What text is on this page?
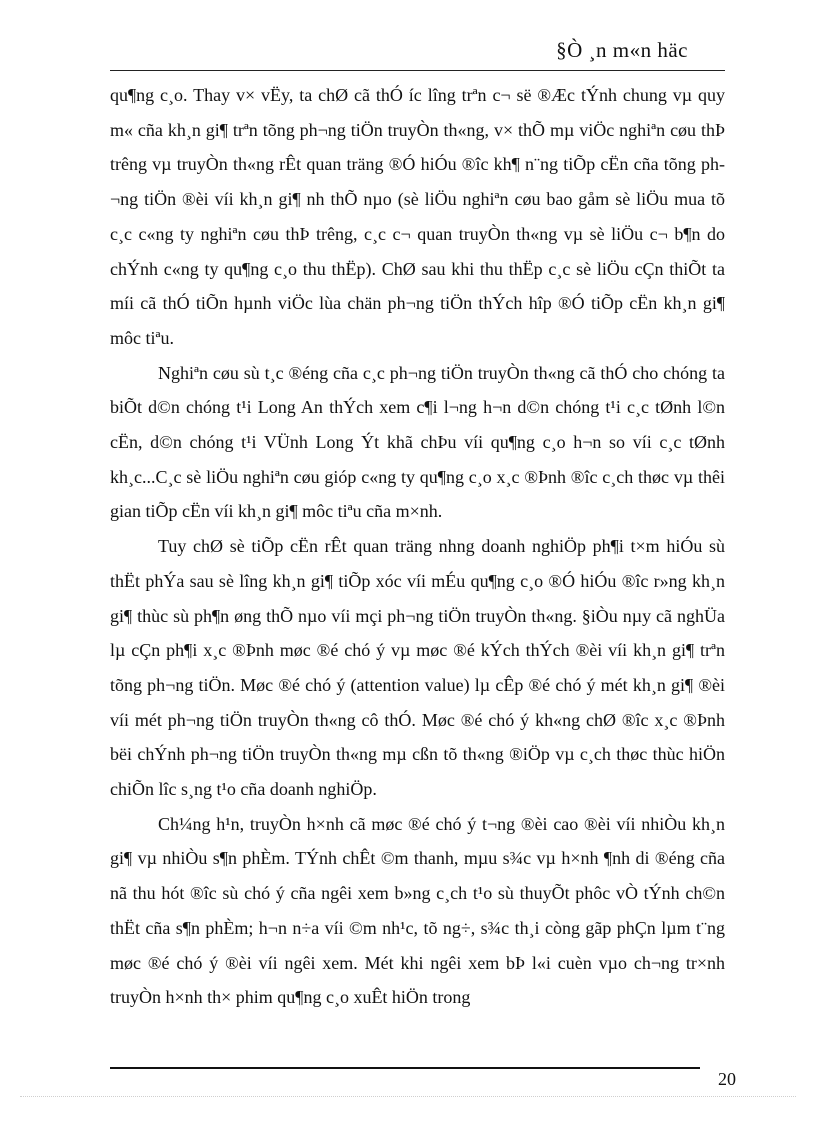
§Ò ¸n m«n häc

qu¶ng c¸o. Thay v× vËy, ta chØ cã thÓ íc lîng trªn c¬ së ®Æc tÝnh chung vµ quy m« cña kh¸n gi¶ trªn tõng ph¬ng tiÖn truyÒn th«ng, v× thÕ mµ viÖc nghiªn cøu thÞ trêng vµ truyÒn th«ng rÊt quan träng ®Ó hiÓu ®îc kh¶ n¨ng tiÕp cËn cña tõng ph¬ng tiÖn ®èi víi kh¸n gi¶ nh thÕ nµo (sè liÖu nghiªn cøu bao gåm sè liÖu mua tõ c¸c c«ng ty nghiªn cøu thÞ trêng, c¸c c¬ quan truyÒn th«ng vµ sè liÖu c¬ b¶n do chÝnh c«ng ty qu¶ng c¸o thu thËp). ChØ sau khi thu thËp c¸c sè liÖu cÇn thiÕt ta míi cã thÓ tiÕn hµnh viÖc lùa chän ph¬ng tiÖn thÝch hîp ®Ó tiÕp cËn kh¸n gi¶ môc tiªu.

Nghiªn cøu sù t¸c ®éng cña c¸c ph¬ng tiÖn truyÒn th«ng cã thÓ cho chóng ta biÕt d©n chóng t¹i Long An thÝch xem c¶i l¬ng h¬n d©n chóng t¹i c¸c tØnh l©n cËn, d©n chóng t¹i VÜnh Long Ýt khã chÞu víi qu¶ng c¸o h¬n so víi c¸c tØnh kh¸c...C¸c sè liÖu nghiªn cøu gióp c«ng ty qu¶ng c¸o x¸c ®Þnh ®îc c¸ch thøc vµ thêi gian tiÕp cËn víi kh¸n gi¶ môc tiªu cña m×nh.

Tuy chØ sè tiÕp cËn rÊt quan träng nhng doanh nghiÖp ph¶i t×m hiÓu sù thËt phÝa sau sè lîng kh¸n gi¶ tiÕp xóc víi mÉu qu¶ng c¸o ®Ó hiÓu ®îc r»ng kh¸n gi¶ thùc sù ph¶n øng thÕ nµo víi mçi ph¬ng tiÖn truyÒn th«ng. §iÒu nµy cã nghÜa lµ cÇn ph¶i x¸c ®Þnh møc ®é chó ý vµ møc ®é kÝch thÝch ®èi víi kh¸n gi¶ trªn tõng ph¬ng tiÖn. Møc ®é chó ý (attention value) lµ cÊp ®é chó ý mét kh¸n gi¶ ®èi víi mét ph¬ng tiÖn truyÒn th«ng cô thÓ. Møc ®é chó ý kh«ng chØ ®îc x¸c ®Þnh bëi chÝnh ph¬ng tiÖn truyÒn th«ng mµ cßn tõ th«ng ®iÖp vµ c¸ch thøc thùc hiÖn chiÕn lîc s¸ng t¹o cña doanh nghiÖp.

Ch¼ng h¹n, truyÒn h×nh cã møc ®é chó ý t¬ng ®èi cao ®èi víi nhiÒu kh¸n gi¶ vµ nhiÒu s¶n phÈm. TÝnh chÊt ©m thanh, mµu s¾c vµ h×nh ¶nh di ®éng cña nã thu hót ®îc sù chó ý cña ngêi xem b»ng c¸ch t¹o sù thuyÕt phôc vÒ tÝnh ch©n thËt cña s¶n phÈm; h¬n n÷a víi ©m nh¹c, tõ ng÷, s¾c th¸i còng gãp phÇn lµm t¨ng møc ®é chó ý ®èi víi ngêi xem. Mét khi ngêi xem bÞ l«i cuèn vµo ch¬ng tr×nh truyÒn h×nh th× phim qu¶ng c¸o xuÊt hiÖn trong

20
